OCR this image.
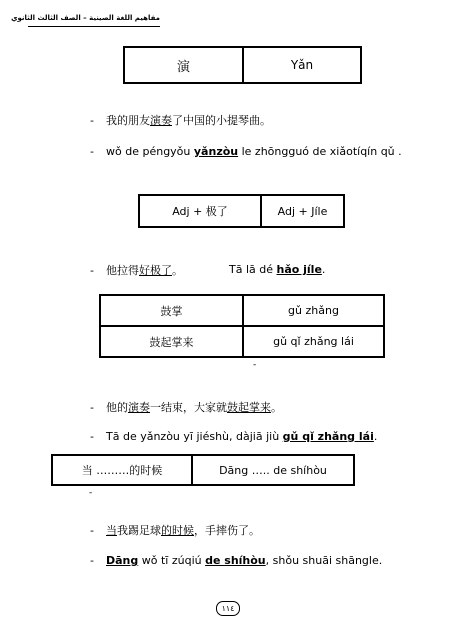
مفاهيم اللغة الصينية – الصف الثالث الثانوي
演	Yǎn
- 我的朋友演奏了中国的小提琴曲。
- wǒ de péngyǒu yǎnzòu le zhōngguó de xiǎotíqín qǔ .
Adj + 极了	Adj + Jíle
- 他拉得好极了。	Tā lā dé hǎo jíle.
鼓掌	gǔ zhǎng
鼓起掌来	gǔ qǐ zhǎng lái
-
- 他的演奏一结束，大家就鼓起掌来。
- Tā de yǎnzòu yī jiéshù, dàjiā jiù gǔ qǐ zhǎng lái.
当 ………的时候	Dāng ….. de shíhòu
-
- 当我踢足球的时候，手摔伤了。
- Dāng wǒ tī zúqiú de shíhòu, shǒu shuāi shāngle.
١١٤
